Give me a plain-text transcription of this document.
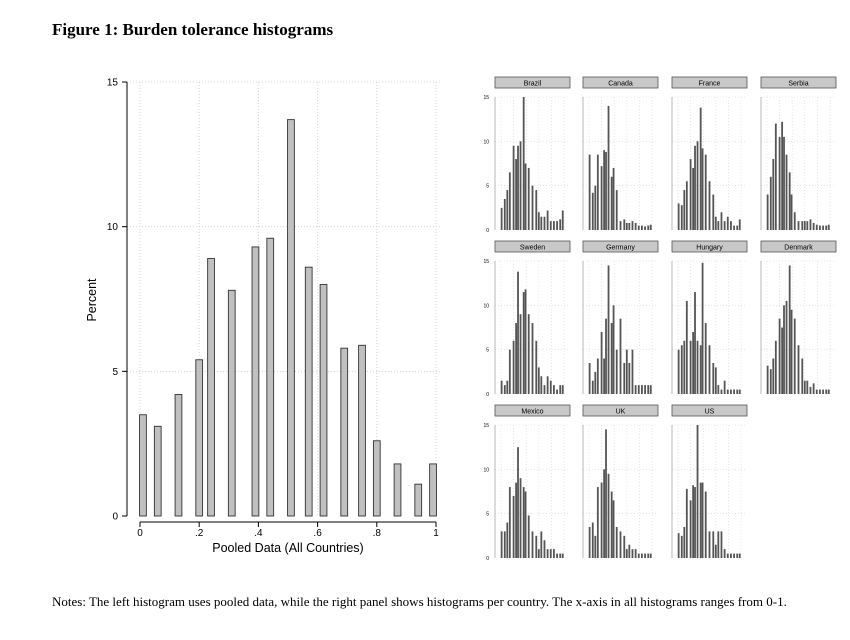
Figure 1: Burden tolerance histograms
0
5
10
15
0	.2	.4	.6	.8	1
Pooled Data (All Countries)
Percent
Brazil
0
5
10
15
Canada	France	Serbia
Sweden
0
5
10
15
Germany	Hungary	Denmark
Mexico
0
5
10
15
UK	US
Notes: The left histogram uses pooled data, while the right panel shows histograms per country. The x-axis in all histograms ranges from 0-1.
